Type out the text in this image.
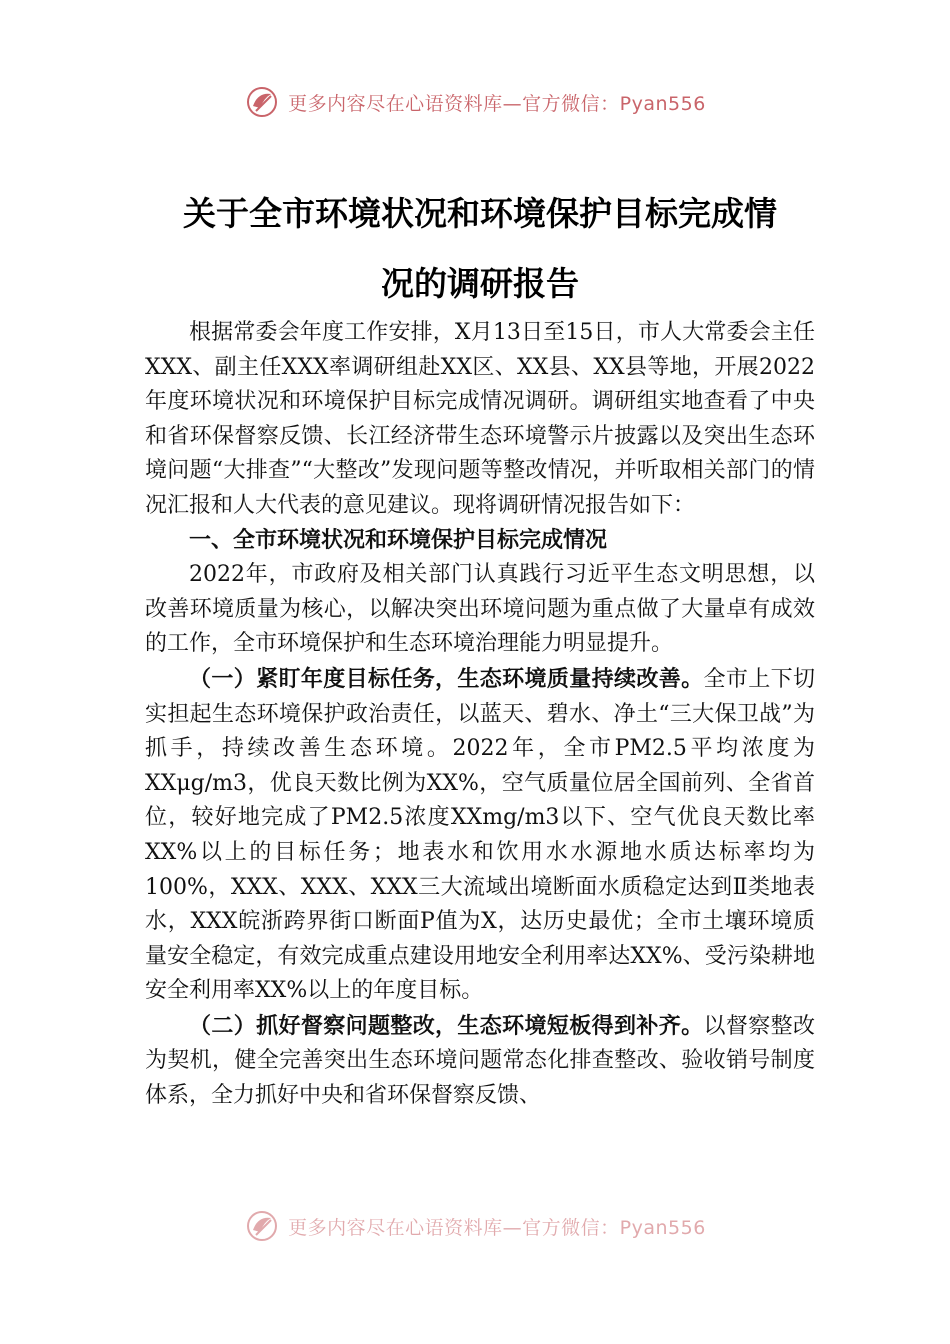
更多内容尽在心语资料库—官方微信：Pyan556
关于全市环境状况和环境保护目标完成情
况的调研报告

根据常委会年度工作安排，X月13日至15日，市人大常委会主任XXX、副主任XXX率调研组赴XX区、XX县、XX县等地，开展2022年度环境状况和环境保护目标完成情况调研。调研组实地查看了中央和省环保督察反馈、长江经济带生态环境警示片披露以及突出生态环境问题“大排查”“大整改”发现问题等整改情况，并听取相关部门的情况汇报和人大代表的意见建议。现将调研情况报告如下：

一、全市环境状况和环境保护目标完成情况

2022年，市政府及相关部门认真践行习近平生态文明思想，以改善环境质量为核心，以解决突出环境问题为重点做了大量卓有成效的工作，全市环境保护和生态环境治理能力明显提升。

（一）紧盯年度目标任务，生态环境质量持续改善。全市上下切实担起生态环境保护政治责任，以蓝天、碧水、净土“三大保卫战”为抓手，持续改善生态环境。2022年，全市PM2.5平均浓度为XXμg/m3，优良天数比例为XX%，空气质量位居全国前列、全省首位，较好地完成了PM2.5浓度XXmg/m3以下、空气优良天数比率XX%以上的目标任务；地表水和饮用水水源地水质达标率均为100%，XXX、XXX、XXX三大流域出境断面水质稳定达到Ⅱ类地表水，XXX皖浙跨界街口断面P值为X，达历史最优；全市土壤环境质量安全稳定，有效完成重点建设用地安全利用率达XX%、受污染耕地安全利用率XX%以上的年度目标。

（二）抓好督察问题整改，生态环境短板得到补齐。以督察整改为契机，健全完善突出生态环境问题常态化排查整改、验收销号制度体系，全力抓好中央和省环保督察反馈、

更多内容尽在心语资料库—官方微信：Pyan556
